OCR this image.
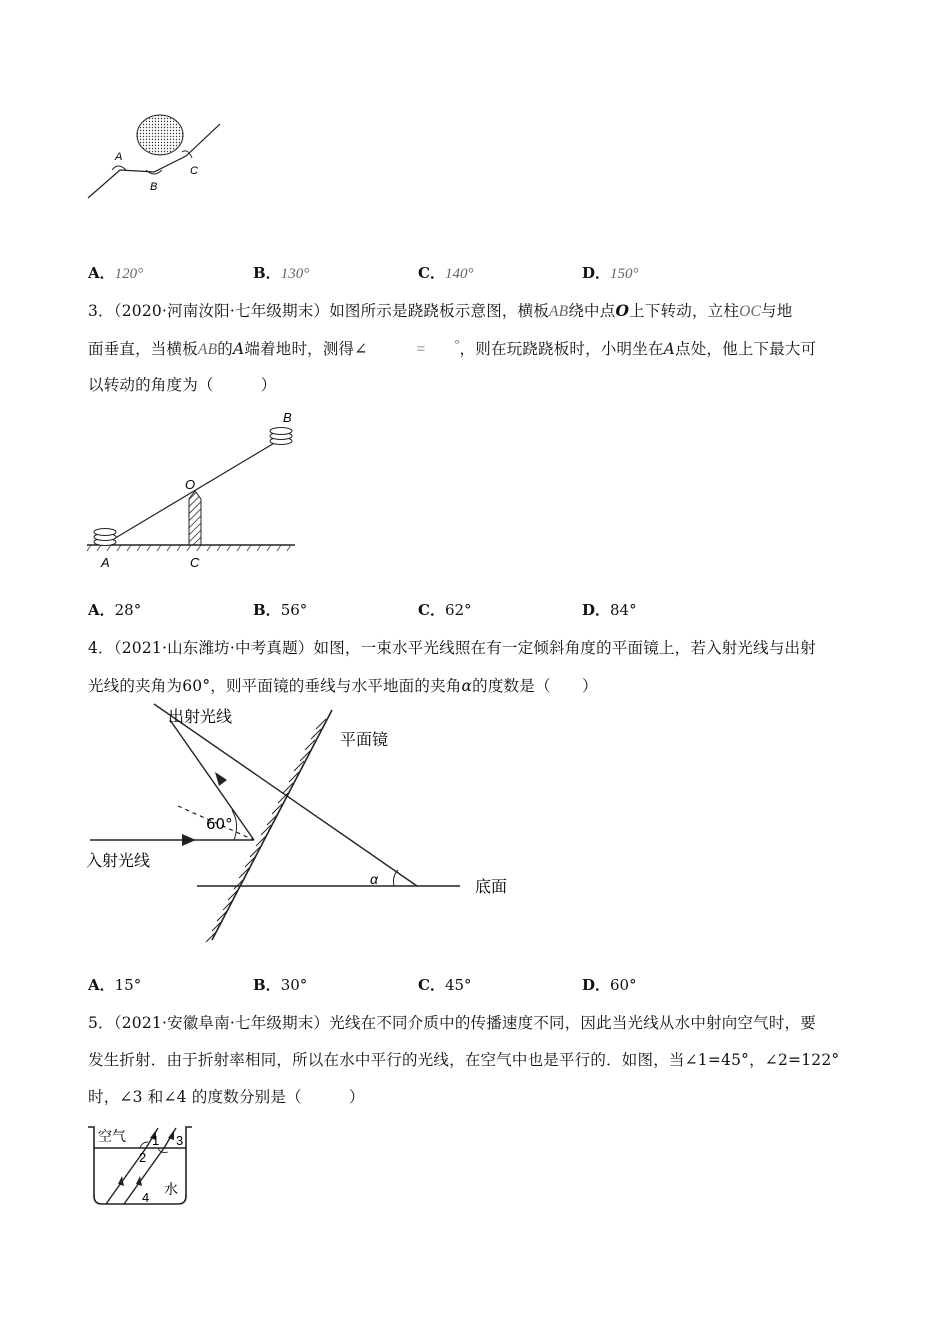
A
B
C
A．120°	B．130°	C．140°	D．150°
3．（2020·河南汝阳·七年级期末）如图所示是跷跷板示意图，横板AB绕中点O上下转动，立柱OC与地
面垂直，当横板AB的A端着地时，测得∠	= °，则在玩跷跷板时，小明坐在A点处，他上下最大可
以转动的角度为（　　　）
B
O
A	C
A．28°	B．56°	C．62°	D．84°
4．（2021·山东潍坊·中考真题）如图，一束水平光线照在有一定倾斜角度的平面镜上，若入射光线与出射
光线的夹角为60°，则平面镜的垂线与水平地面的夹角α的度数是（　　）
出射光线
平面镜
入射光线
底面
60°
α
A．15°	B．30°	C．45°	D．60°
5．（2021·安徽阜南·七年级期末）光线在不同介质中的传播速度不同，因此当光线从水中射向空气时，要
发生折射．由于折射率相同，所以在水中平行的光线，在空气中也是平行的．如图，当∠1=45°，∠2=122°
时，∠3 和∠4 的度数分别是（　　　）
空气
水
1
2
3
4
